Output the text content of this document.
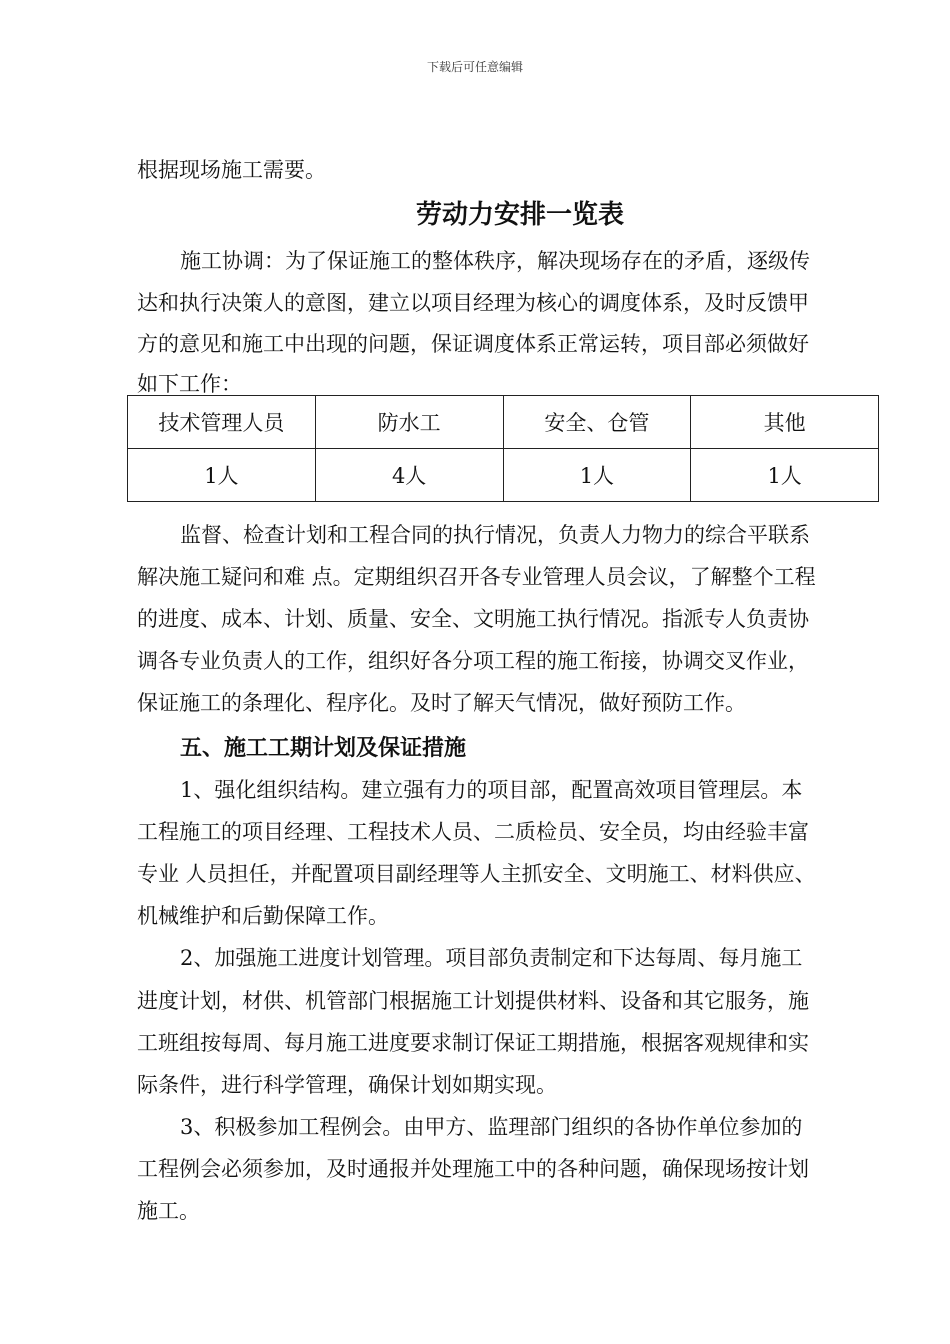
下载后可任意编辑
根据现场施工需要。
劳动力安排一览表
施工协调：为了保证施工的整体秩序，解决现场存在的矛盾，逐级传
达和执行决策人的意图，建立以项目经理为核心的调度体系，及时反馈甲
方的意见和施工中出现的问题，保证调度体系正常运转，项目部必须做好
如下工作：
技术管理人员	防水工	安全、仓管	其他
1人	4人	1人	1人
监督、检查计划和工程合同的执行情况，负责人力物力的综合平联系
解决施工疑问和难 点。定期组织召开各专业管理人员会议，了解整个工程
的进度、成本、计划、质量、安全、文明施工执行情况。指派专人负责协
调各专业负责人的工作，组织好各分项工程的施工衔接，协调交叉作业，
保证施工的条理化、程序化。及时了解天气情况，做好预防工作。
五、施工工期计划及保证措施
1、强化组织结构。建立强有力的项目部，配置高效项目管理层。本
工程施工的项目经理、工程技术人员、二质检员、安全员，均由经验丰富
专业 人员担任，并配置项目副经理等人主抓安全、文明施工、材料供应、
机械维护和后勤保障工作。
2、加强施工进度计划管理。项目部负责制定和下达每周、每月施工
进度计划，材供、机管部门根据施工计划提供材料、设备和其它服务，施
工班组按每周、每月施工进度要求制订保证工期措施，根据客观规律和实
际条件，进行科学管理，确保计划如期实现。
3、积极参加工程例会。由甲方、监理部门组织的各协作单位参加的
工程例会必须参加，及时通报并处理施工中的各种问题，确保现场按计划
施工。
